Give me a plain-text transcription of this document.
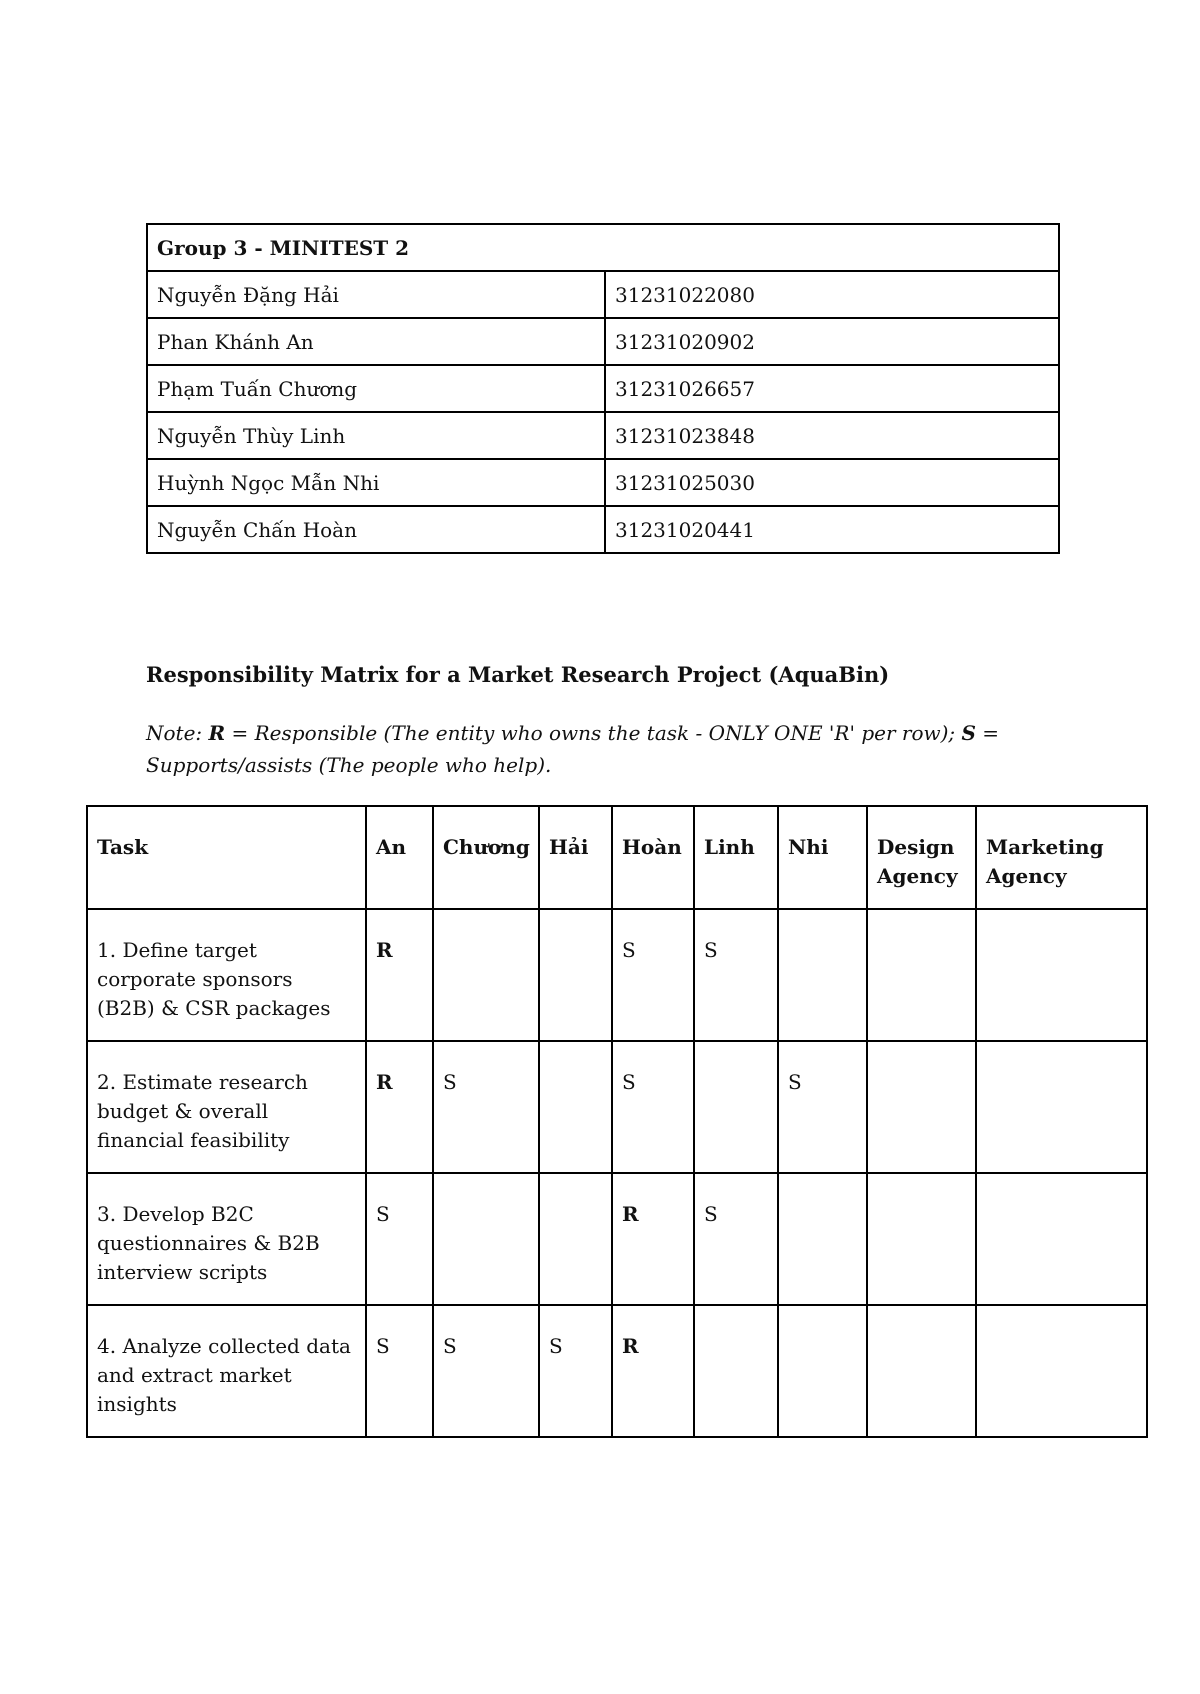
Group 3 - MINITEST 2	
Nguyễn Đặng Hải	31231022080
Phan Khánh An	31231020902
Phạm Tuấn Chương	31231026657
Nguyễn Thùy Linh	31231023848
Huỳnh Ngọc Mẫn Nhi	31231025030
Nguyễn Chấn Hoàn	31231020441
Responsibility Matrix for a Market Research Project (AquaBin)

Note: R = Responsible (The entity who owns the task - ONLY ONE 'R' per row); S = Supports/assists (The people who help).

Task	An	Chương	Hải	Hoàn	Linh	Nhi	Design Agency	Marketing Agency
1. Define target corporate sponsors (B2B) & CSR packages	R			S	S			
2. Estimate research budget & overall financial feasibility	R	S		S		S		
3. Develop B2C questionnaires & B2B interview scripts	S			R	S			
4. Analyze collected data and extract market insights	S	S	S	R				
